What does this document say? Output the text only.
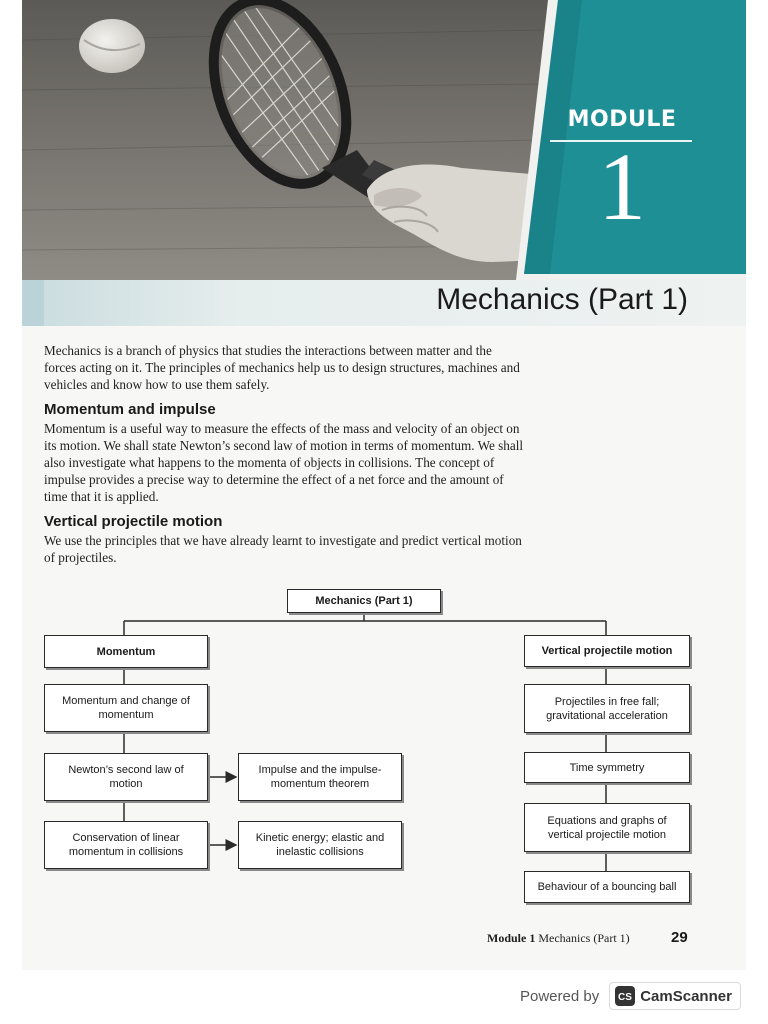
MODULE
1
Mechanics (Part 1)

Mechanics is a branch of physics that studies the interactions between matter and the forces acting on it. The principles of mechanics help us to design structures, machines and vehicles and know how to use them safely.

Momentum and impulse

Momentum is a useful way to measure the effects of the mass and velocity of an object on its motion. We shall state Newton’s second law of motion in terms of momentum. We shall also investigate what happens to the momenta of objects in collisions. The concept of impulse provides a precise way to determine the effect of a net force and the amount of time that it is applied.

Vertical projectile motion

We use the principles that we have already learnt to investigate and predict vertical motion of projectiles.

Mechanics (Part 1)
Momentum
Momentum and change of momentum
Newton’s second law of motion
Conservation of linear momentum in collisions
Impulse and the impulse-momentum theorem
Kinetic energy; elastic and inelastic collisions
Vertical projectile motion
Projectiles in free fall; gravitational acceleration
Time symmetry
Equations and graphs of vertical projectile motion
Behaviour of a bouncing ball
Module 1 Mechanics (Part 1)	29
Powered by CS CamScanner
